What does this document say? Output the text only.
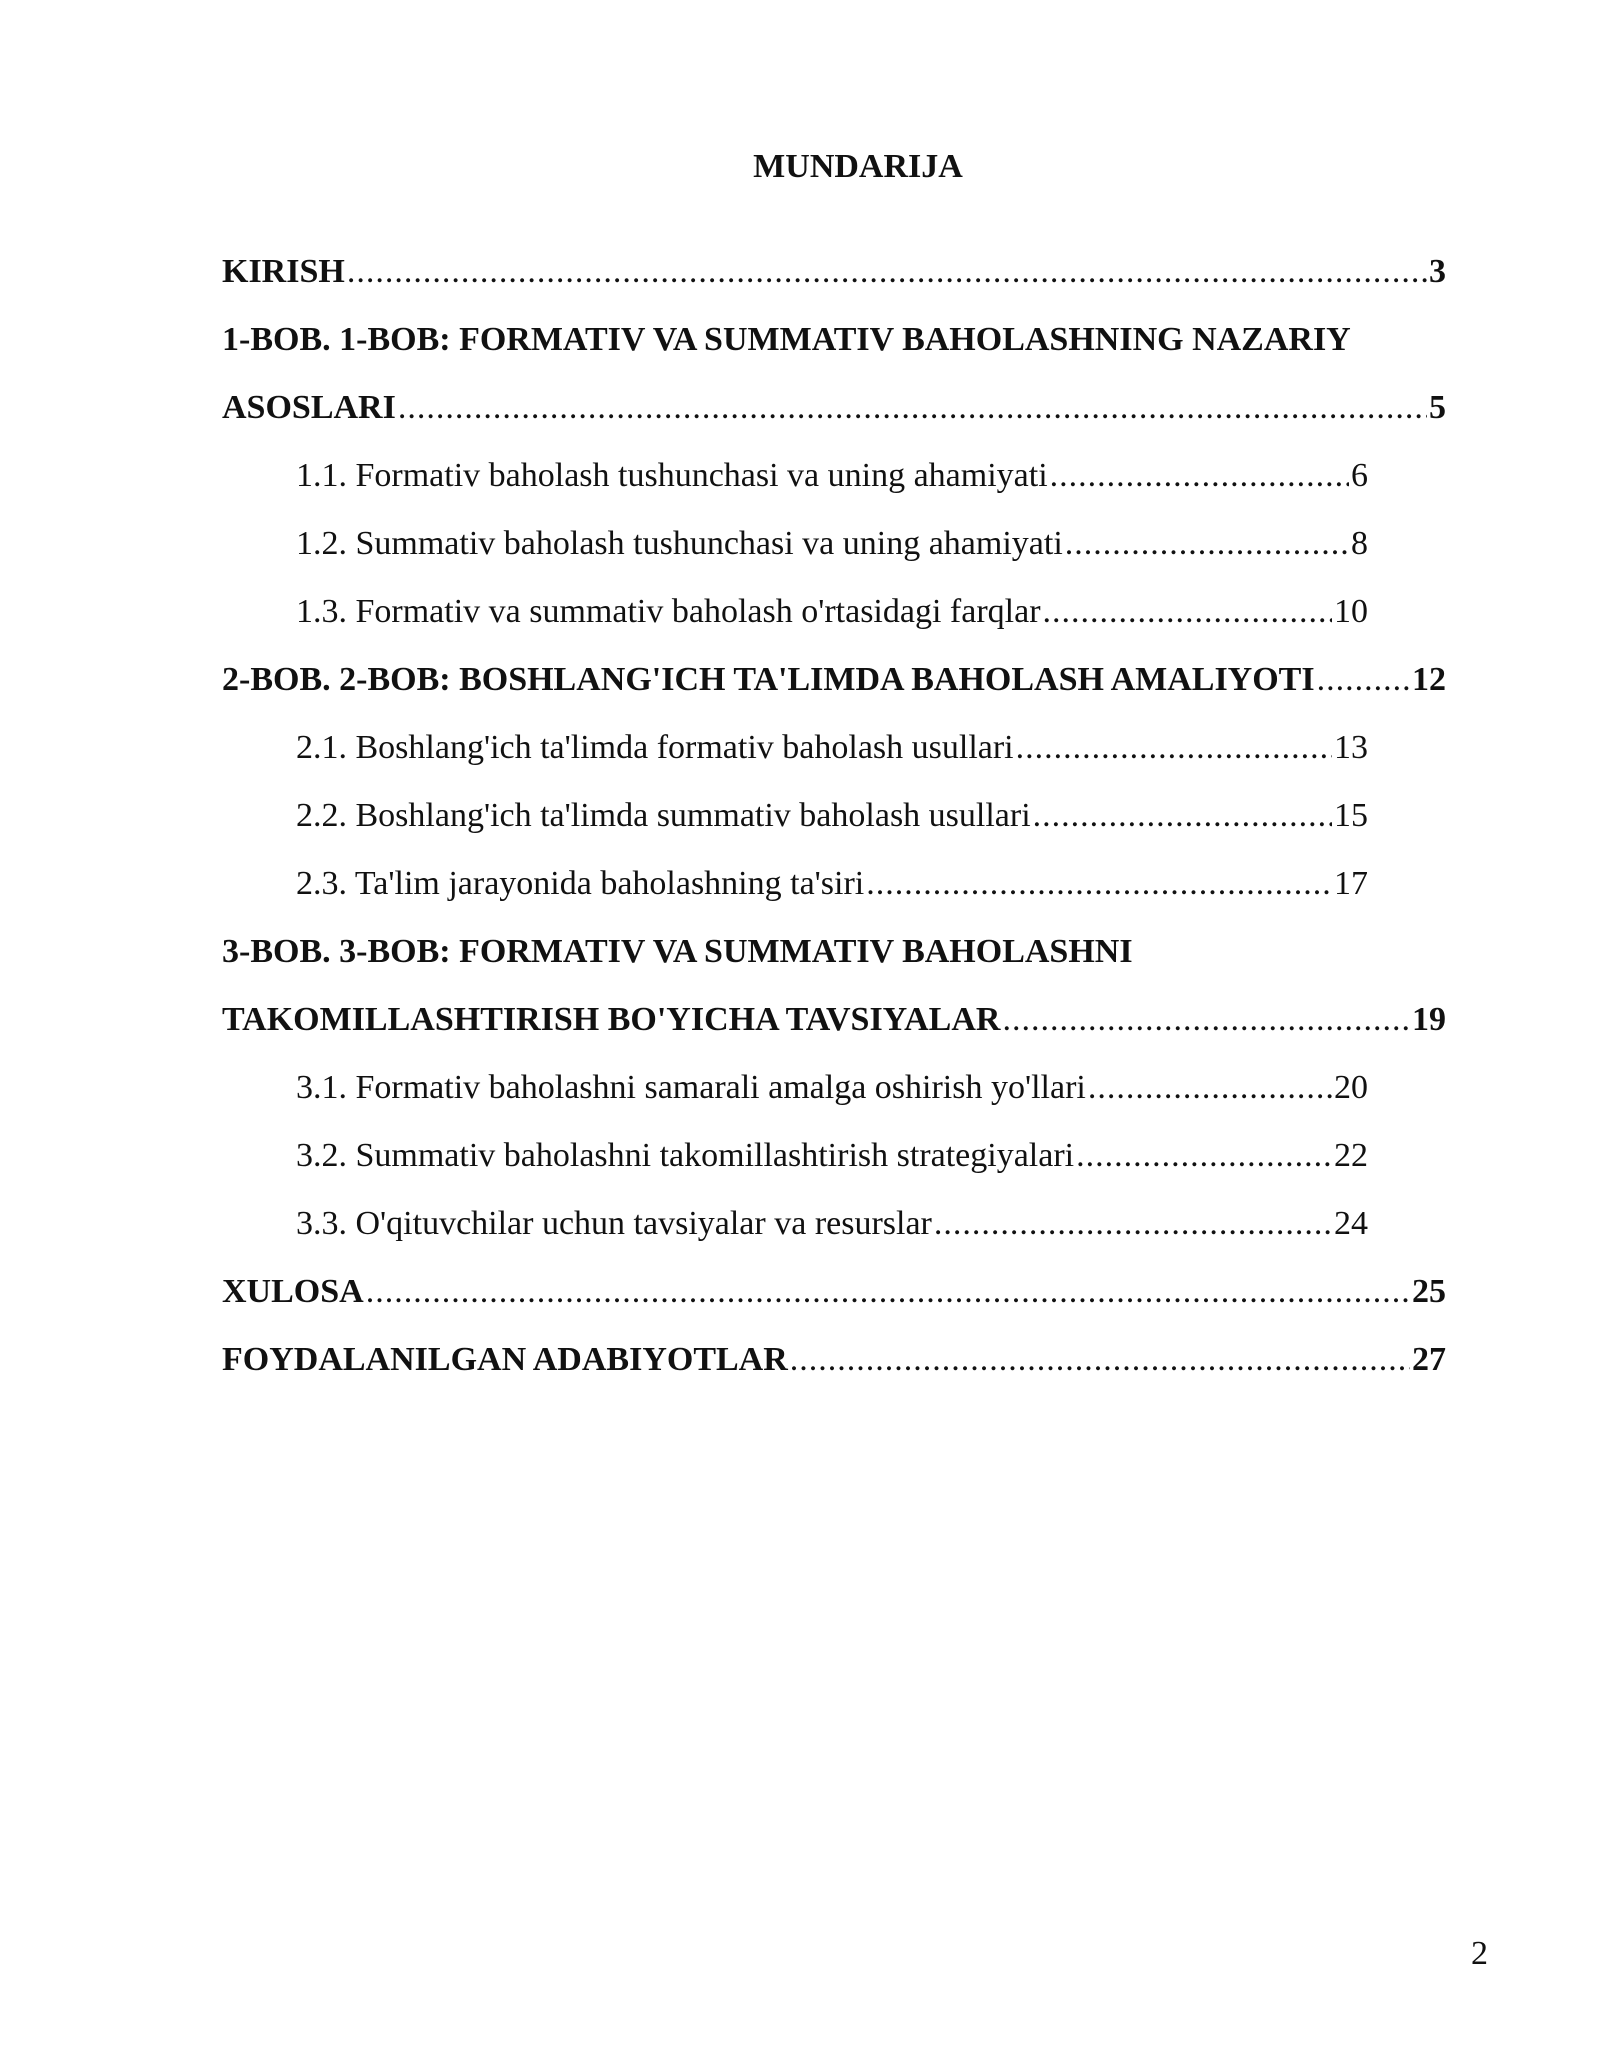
MUNDARIJA
KIRISH .....	3
1-BOB. 1-BOB: FORMATIV VA SUMMATIV BAHOLASHNING NAZARIY
ASOSLARI .....	5
1.1. Formativ baholash tushunchasi va uning ahamiyati .....	6
1.2. Summativ baholash tushunchasi va uning ahamiyati .....	8
1.3. Formativ va summativ baholash o'rtasidagi farqlar .....	10
2-BOB. 2-BOB: BOSHLANG'ICH TA'LIMDA BAHOLASH AMALIYOTI .....	12
2.1. Boshlang'ich ta'limda formativ baholash usullari .....	13
2.2. Boshlang'ich ta'limda summativ baholash usullari .....	15
2.3. Ta'lim jarayonida baholashning ta'siri .....	17
3-BOB. 3-BOB: FORMATIV VA SUMMATIV BAHOLASHNI
TAKOMILLASHTIRISH BO'YICHA TAVSIYALAR .....	19
3.1. Formativ baholashni samarali amalga oshirish yo'llari .....	20
3.2. Summativ baholashni takomillashtirish strategiyalari .....	22
3.3. O'qituvchilar uchun tavsiyalar va resurslar .....	24
XULOSA .....	25
FOYDALANILGAN ADABIYOTLAR .....	27
2
